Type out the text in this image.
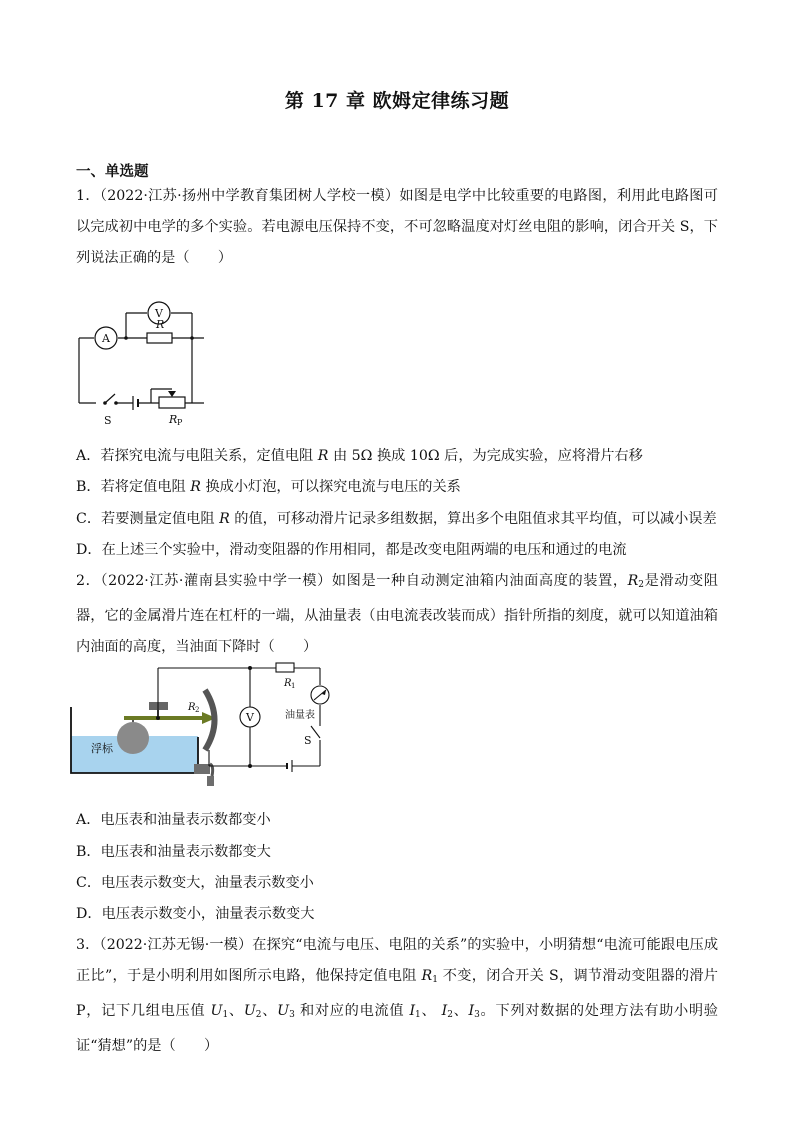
第 17 章 欧姆定律练习题
一、单选题

1．（2022·江苏·扬州中学教育集团树人学校一模）如图是电学中比较重要的电路图，利用此电路图可以完成初中电学的多个实验。若电源电压保持不变，不可忽略温度对灯丝电阻的影响，闭合开关 S，下列说法正确的是（　　）

V
A
R
S	R P

A．若探究电流与电阻关系，定值电阻 R 由 5Ω 换成 10Ω 后，为完成实验，应将滑片右移

B．若将定值电阻 R 换成小灯泡，可以探究电流与电压的关系

C．若要测量定值电阻 R 的值，可移动滑片记录多组数据，算出多个电阻值求其平均值，可以减小误差

D．在上述三个实验中，滑动变阻器的作用相同，都是改变电阻两端的电压和通过的电流

2．（2022·江苏·灌南县实验中学一模）如图是一种自动测定油箱内油面高度的装置，$R_2$是滑动变阻器，它的金属滑片连在杠杆的一端，从油量表（由电流表改装而成）指针所指的刻度，就可以知道油箱内油面的高度，当油面下降时（　　）

浮标
R 2
R 1
V	油量表
S

A．电压表和油量表示数都变小

B．电压表和油量表示数都变大

C．电压表示数变大，油量表示数变小

D．电压表示数变小，油量表示数变大

3．（2022·江苏无锡·一模）在探究“电流与电压、电阻的关系”的实验中，小明猜想“电流可能跟电压成正比”，于是小明利用如图所示电路，他保持定值电阻 $R_1$ 不变，闭合开关 S，调节滑动变阻器的滑片 P，记下几组电压值 $U_1$、$U_2$、$U_3$ 和对应的电流值 $I_1$、 $I_2$、$I_3$。下列对数据的处理方法有助小明验证“猜想”的是（　　）
